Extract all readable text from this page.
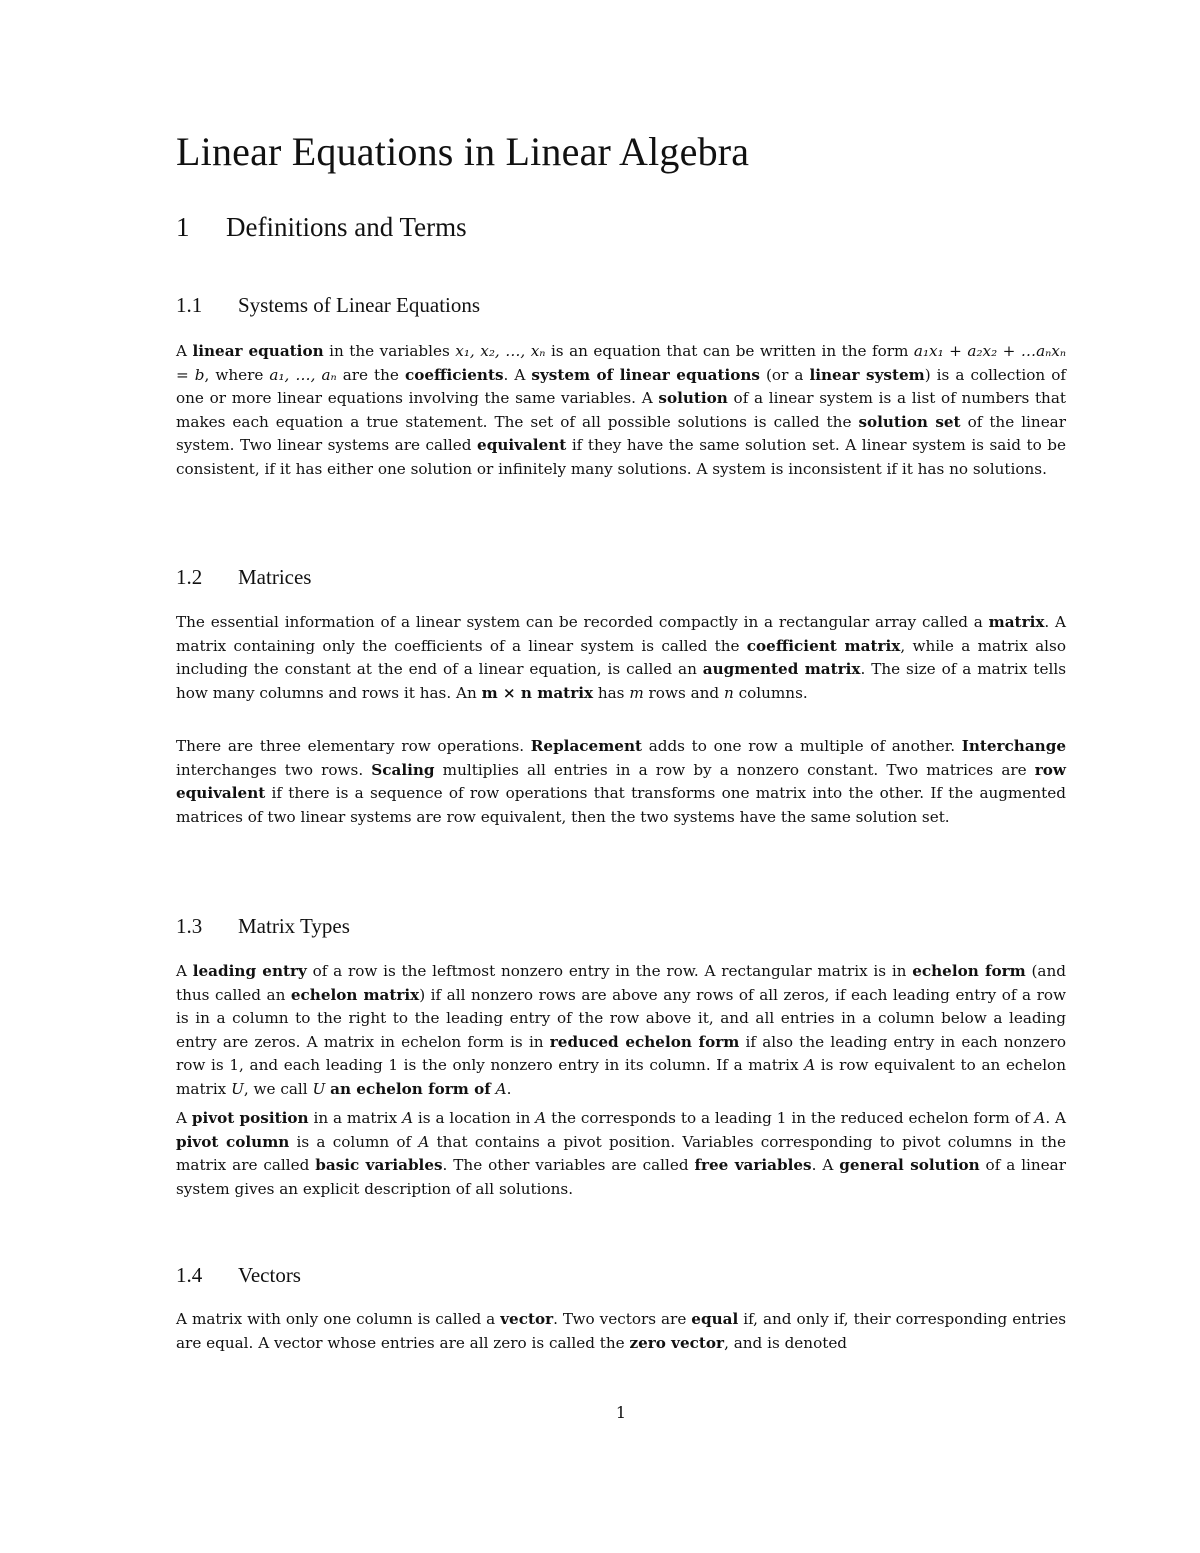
Linear Equations in Linear Algebra
1 Definitions and Terms
1.1 Systems of Linear Equations

A linear equation in the variables x₁, x₂, …, xₙ is an equation that can be written in the form a₁x₁ + a₂x₂ + …aₙxₙ = b, where a₁, …, aₙ are the coefficients. A system of linear equations (or a linear system) is a collection of one or more linear equations involving the same variables. A solution of a linear system is a list of numbers that makes each equation a true statement. The set of all possible solutions is called the solution set of the linear system. Two linear systems are called equivalent if they have the same solution set. A linear system is said to be consistent, if it has either one solution or infinitely many solutions. A system is inconsistent if it has no solutions.

1.2 Matrices

The essential information of a linear system can be recorded compactly in a rectangular array called a matrix. A matrix containing only the coefficients of a linear system is called the coefficient matrix, while a matrix also including the constant at the end of a linear equation, is called an augmented matrix. The size of a matrix tells how many columns and rows it has. An m × n matrix has m rows and n columns.

There are three elementary row operations. Replacement adds to one row a multiple of another. Interchange interchanges two rows. Scaling multiplies all entries in a row by a nonzero constant. Two matrices are row equivalent if there is a sequence of row operations that transforms one matrix into the other. If the augmented matrices of two linear systems are row equivalent, then the two systems have the same solution set.

1.3 Matrix Types

A leading entry of a row is the leftmost nonzero entry in the row. A rectangular matrix is in echelon form (and thus called an echelon matrix) if all nonzero rows are above any rows of all zeros, if each leading entry of a row is in a column to the right to the leading entry of the row above it, and all entries in a column below a leading entry are zeros. A matrix in echelon form is in reduced echelon form if also the leading entry in each nonzero row is 1, and each leading 1 is the only nonzero entry in its column. If a matrix A is row equivalent to an echelon matrix U, we call U an echelon form of A.

A pivot position in a matrix A is a location in A the corresponds to a leading 1 in the reduced echelon form of A. A pivot column is a column of A that contains a pivot position. Variables corresponding to pivot columns in the matrix are called basic variables. The other variables are called free variables. A general solution of a linear system gives an explicit description of all solutions.

1.4 Vectors

A matrix with only one column is called a vector. Two vectors are equal if, and only if, their corresponding entries are equal. A vector whose entries are all zero is called the zero vector, and is denoted

1
